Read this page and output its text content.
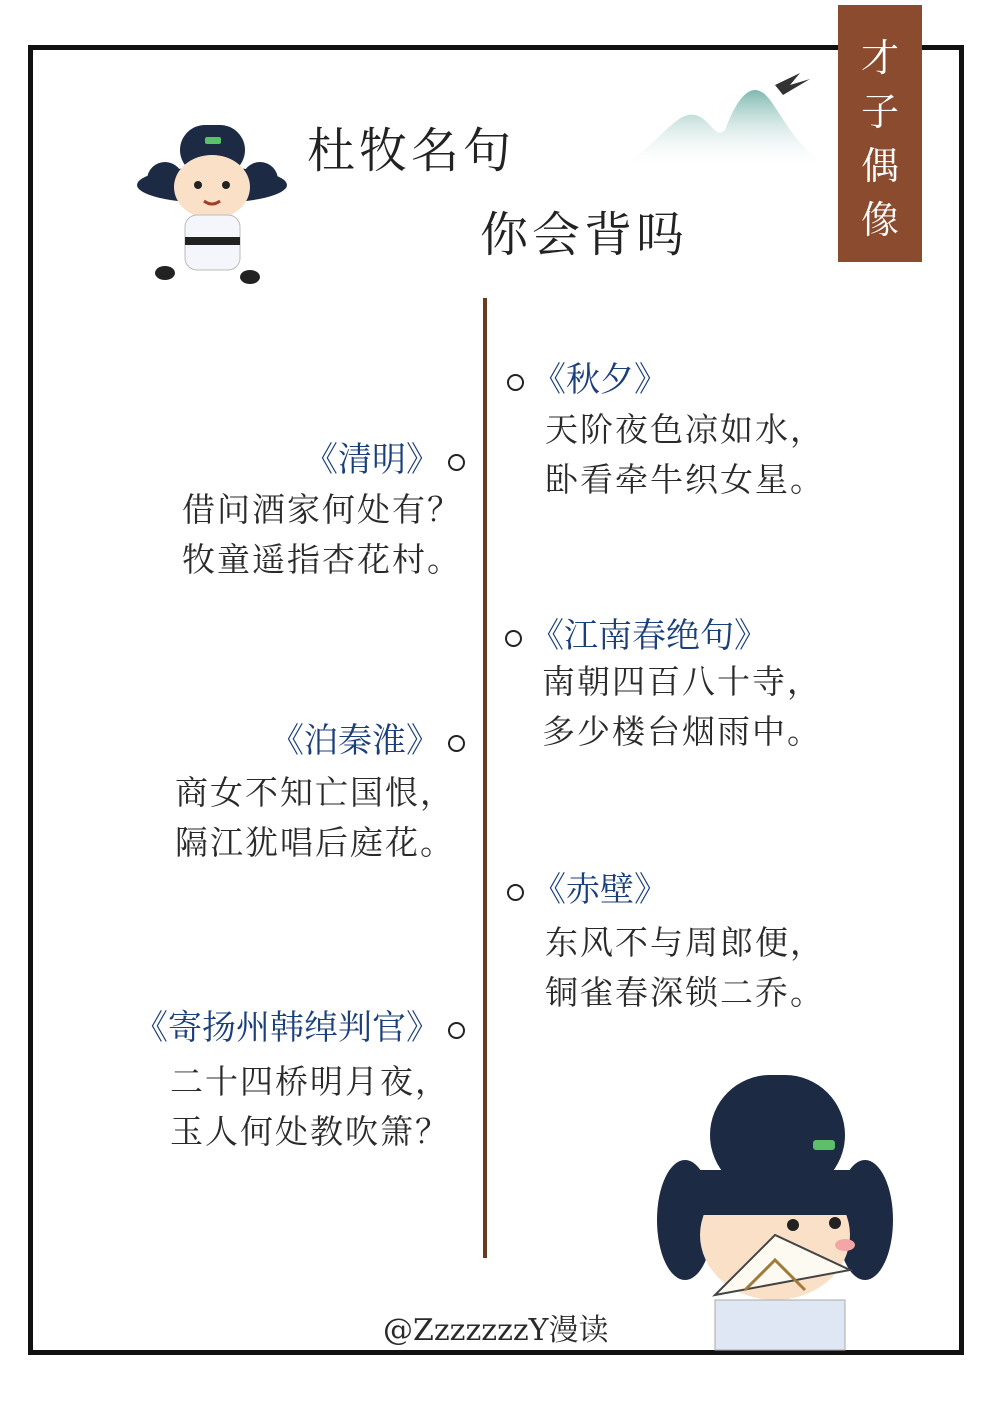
才
子
偶
像
杜牧名句
你会背吗
《清明》
借问酒家何处有？
牧童遥指杏花村。
《泊秦淮》
商女不知亡国恨，
隔江犹唱后庭花。
《寄扬州韩绰判官》
二十四桥明月夜，
玉人何处教吹箫？
《秋夕》
天阶夜色凉如水，
卧看牵牛织女星。
《江南春绝句》
南朝四百八十寺，
多少楼台烟雨中。
《赤壁》
东风不与周郎便，
铜雀春深锁二乔。
@ZzzzzzzY漫读
